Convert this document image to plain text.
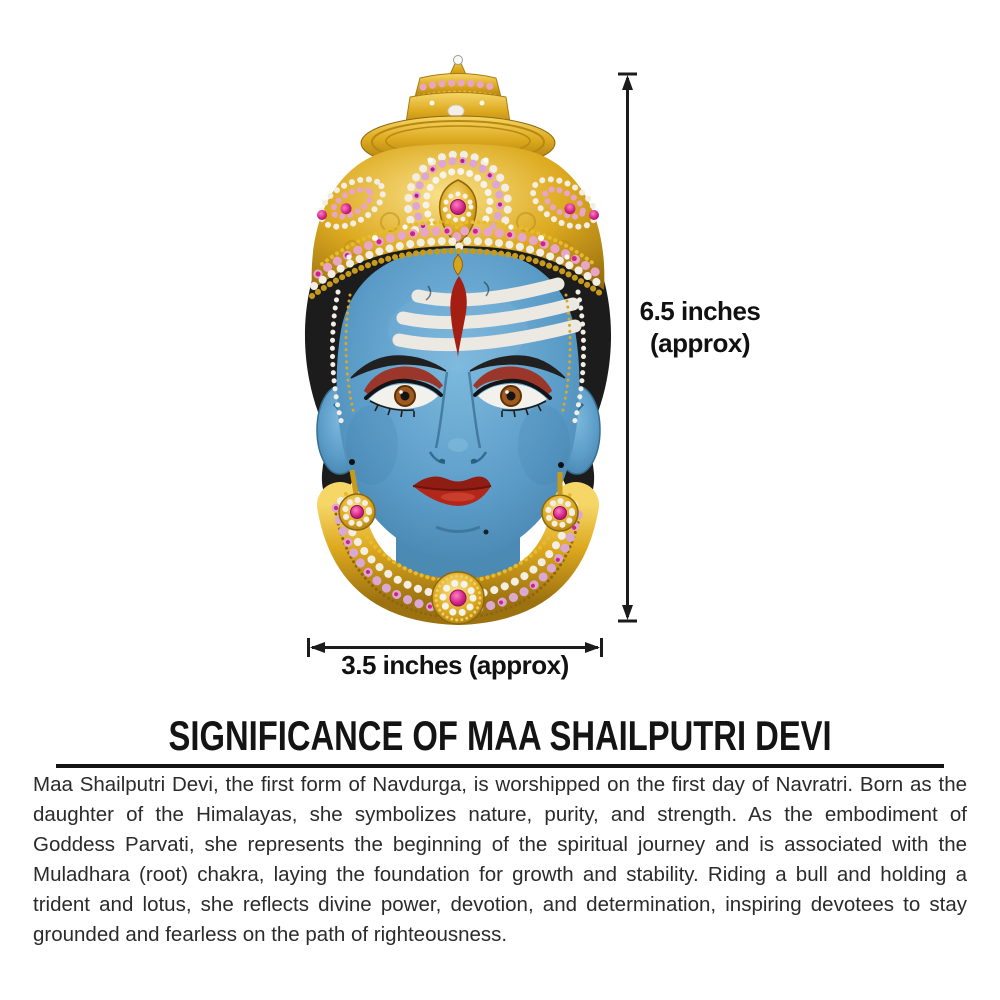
6.5 inches
(approx)
3.5 inches (approx)
SIGNIFICANCE OF MAA SHAILPUTRI DEVI

Maa Shailputri Devi, the first form of Navdurga, is worshipped on the first day of Navratri. Born as the daughter of the Himalayas, she symbolizes nature, purity, and strength. As the embodiment of Goddess Parvati, she represents the beginning of the spiritual journey and is associated with the Muladhara (root) chakra, laying the foundation for growth and stability. Riding a bull and holding a trident and lotus, she reflects divine power, devotion, and determination, inspiring devotees to stay grounded and fearless on the path of righteousness.
